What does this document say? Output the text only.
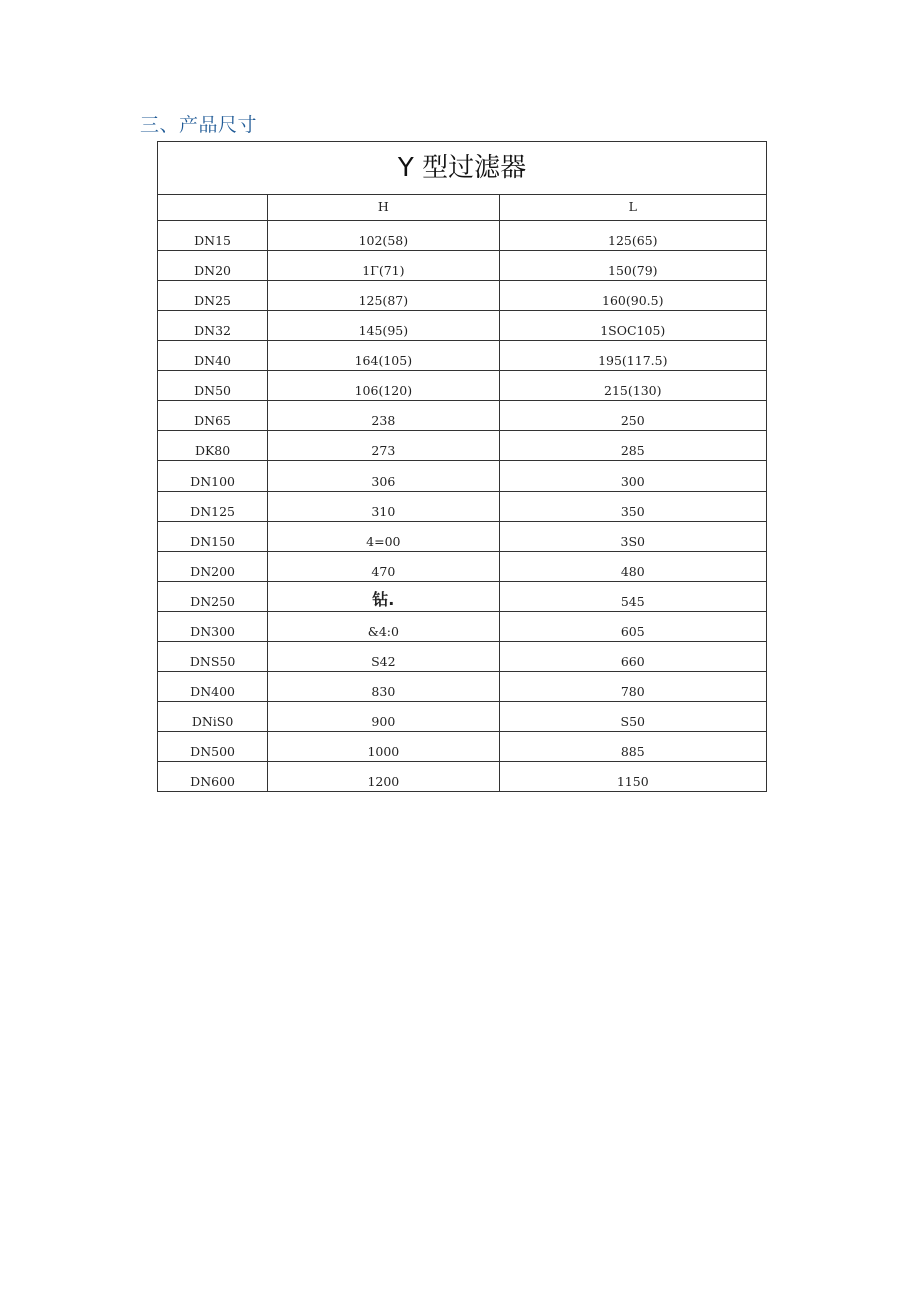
三、产品尺寸
Y 型过滤器		
	H	L
DN15	102(58)	125(65)
DN20	1Γ(71)	150(79)
DN25	125(87)	160(90.5)
DN32	145(95)	1SOC105)
DN40	164(105)	195(117.5)
DN50	106(120)	215(130)
DN65	238	250
DK80	273	285
DN100	306	300
DN125	310	350
DN150	4=00	3S0
DN200	470	480
DN250	钻.	545
DN300	&4:0	605
DNS50	S42	660
DN400	830	780
DNiS0	900	S50
DN500	1000	885
DN600	1200	1150
